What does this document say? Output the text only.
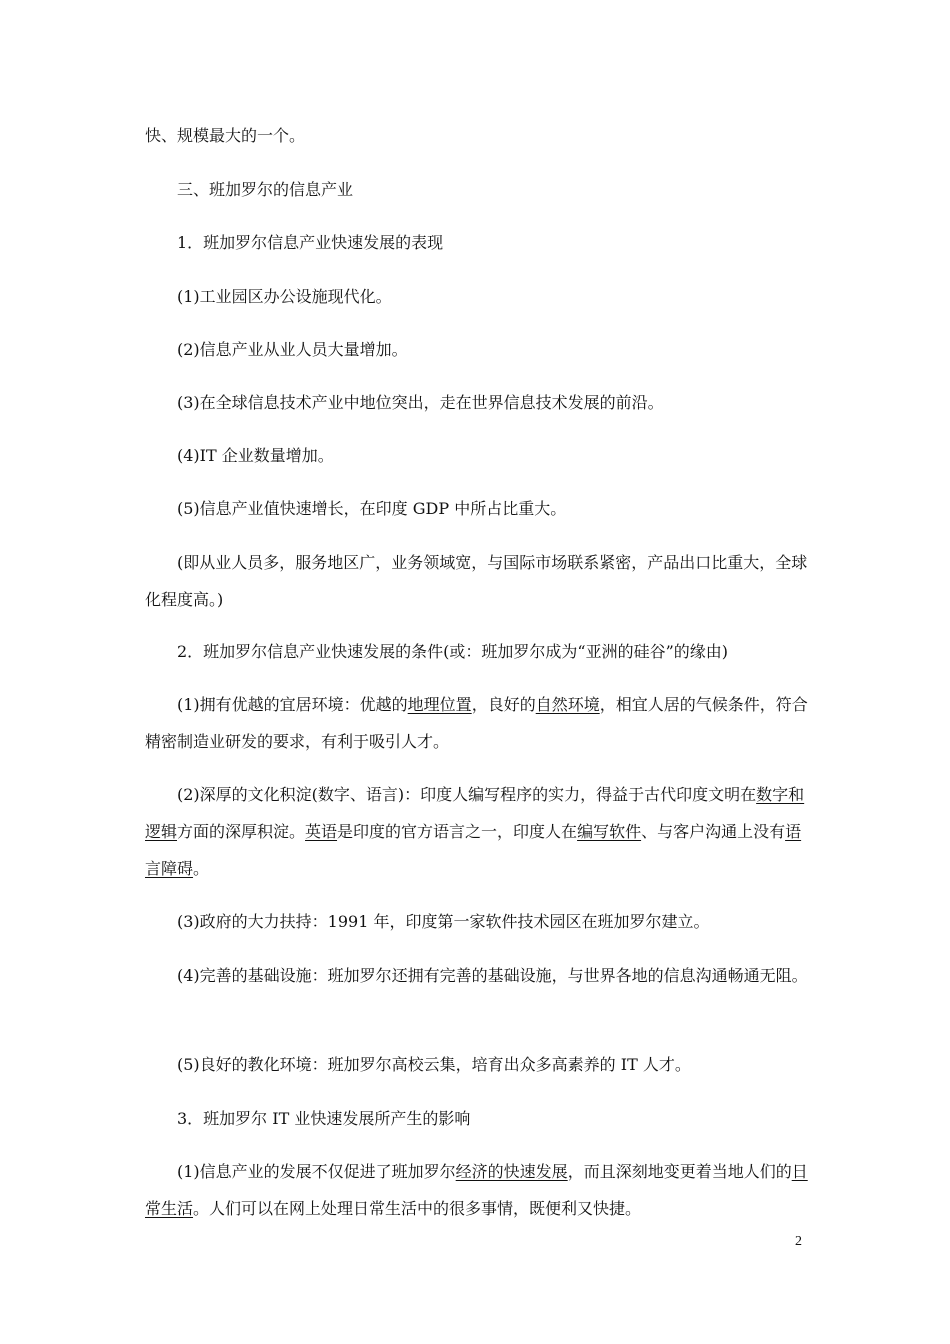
快、规模最大的一个。

三、班加罗尔的信息产业

1．班加罗尔信息产业快速发展的表现

(1)工业园区办公设施现代化。

(2)信息产业从业人员大量增加。

(3)在全球信息技术产业中地位突出，走在世界信息技术发展的前沿。

(4)IT 企业数量增加。

(5)信息产业值快速增长，在印度 GDP 中所占比重大。

(即从业人员多，服务地区广，业务领域宽，与国际市场联系紧密，产品出口比重大，全球化程度高。)

2．班加罗尔信息产业快速发展的条件(或：班加罗尔成为“亚洲的硅谷”的缘由)

(1)拥有优越的宜居环境：优越的地理位置，良好的自然环境，相宜人居的气候条件，符合精密制造业研发的要求，有利于吸引人才。

(2)深厚的文化积淀(数字、语言)：印度人编写程序的实力，得益于古代印度文明在数字和逻辑方面的深厚积淀。英语是印度的官方语言之一，印度人在编写软件、与客户沟通上没有语言障碍。

(3)政府的大力扶持：1991 年，印度第一家软件技术园区在班加罗尔建立。

(4)完善的基础设施：班加罗尔还拥有完善的基础设施，与世界各地的信息沟通畅通无阻。

(5)良好的教化环境：班加罗尔高校云集，培育出众多高素养的 IT 人才。

3．班加罗尔 IT 业快速发展所产生的影响

(1)信息产业的发展不仅促进了班加罗尔经济的快速发展，而且深刻地变更着当地人们的日常生活。人们可以在网上处理日常生活中的很多事情，既便利又快捷。

2
